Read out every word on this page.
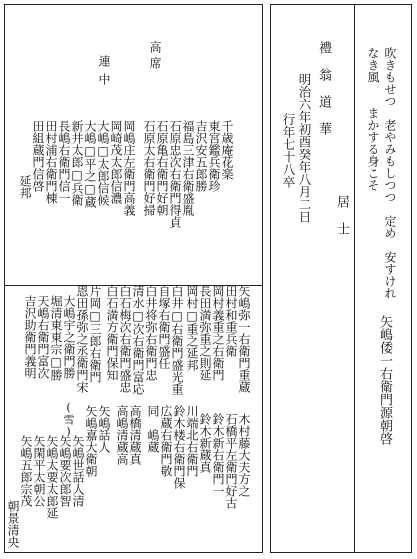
吹きもせつ　老やみもしつつ　定め　安すけれ
なき風　　まかする身こそ
矢嶋倭一右衛門源朝啓
禮翁道華
居士
明治六年初酉癸年八月二日
行年七十八卒
高席
連中
千歳庵花楽
東宮鑑兵衛珍
吉沢安五郎勝
福島三津右衛盛胤
石原忠次右衛門得貞
石原亀右衛門好朝
石原太右衛門好掃
岡嶋庄左衛門高義
岡崎茂太郎信濃
大嶋□太郎信候
大嶋□平之□蔵
新井太郎□兵衛
長嶋右衛門信一
田村浦右衛門棟
田組蔵門信啓
延邦
矢嶋弥一右衛門重蔵
田村和重兵衛
岡村義重之右衛門
長田満弥重之則延
岡村□重之延邦
白井□右衛門盛光重
自塚右衛門盛任
白井将弥右衛門忠
清水□次右衛門富応
白石梅次右衛門盛忠
白石満方衛門保知
片岡□三郎右衛門
恩田孫弥之丞衛門宋
大嶋宇之衛門勝
堀清東東宗□勝
天嶋右衛門富次
吉沢助衛門義明
(雪)	木村藤大夫方之
石橋平左衛門好古
鈴木新右衛門一
鈴木新蔵真
川端北右衛門
鈴木楼右衛門保
広蔵右衛門敬
同　嶋蔵
高橋清蔵真
高嶋清蔵高
矢嶋話人
矢嶋嘉大衛朝
矢嶋世話人清
矢嶋要次郎智
矢嶋太要太郎延
矢閑平太朝公
矢嶋五郎宗茂
朝景清央
